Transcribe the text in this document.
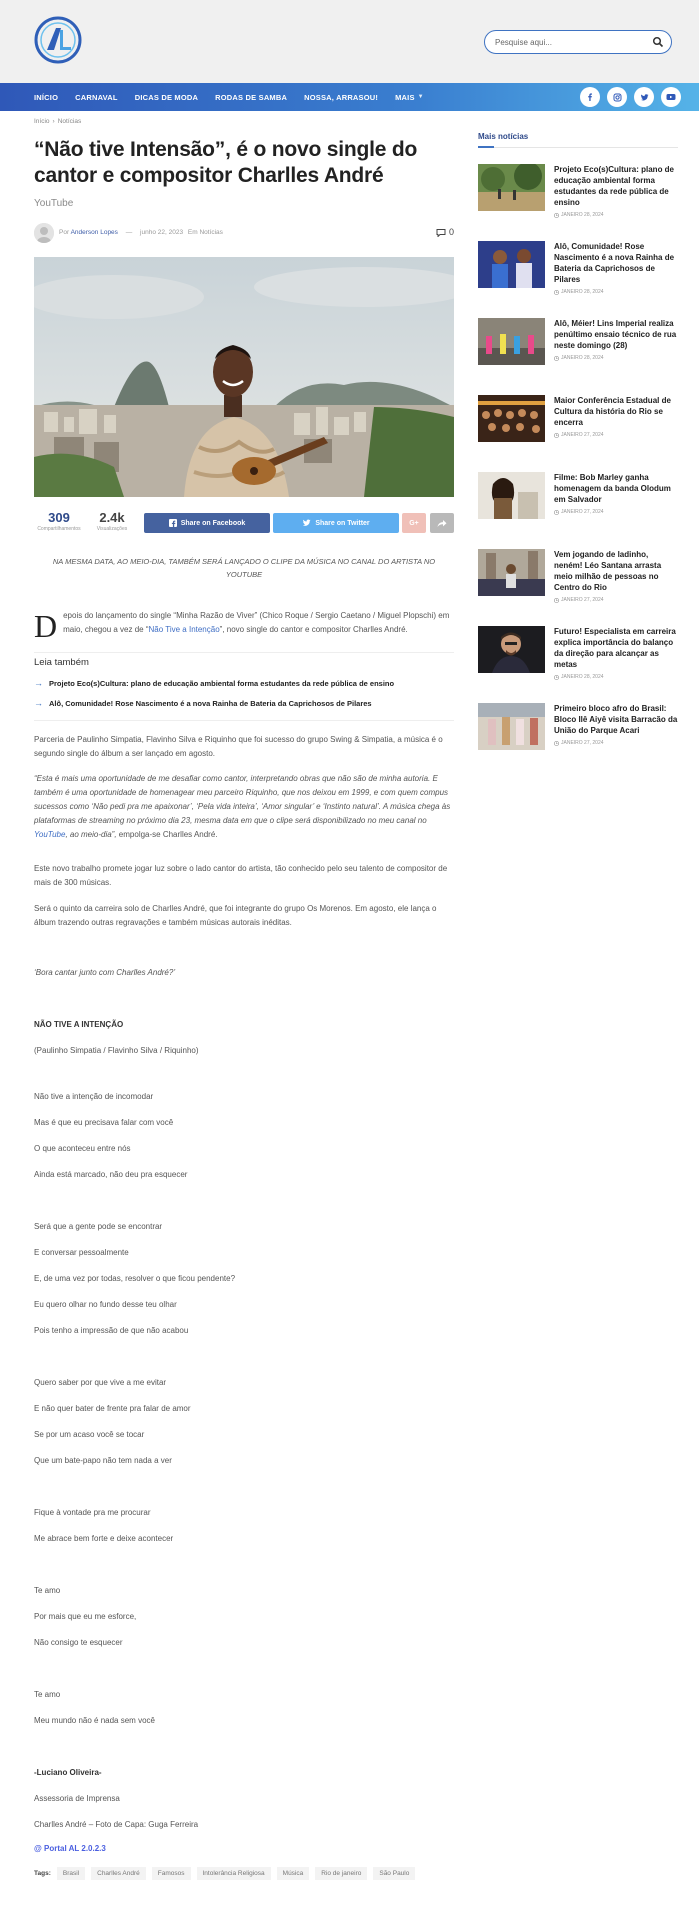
Pesquise aqui...
INÍCIO CARNAVAL DICAS DE MODA RODAS DE SAMBA NOSSA, ARRASOU! MAIS ▼
Início › Notícias
“Não tive Intensão”, é o novo single do cantor e compositor Charlles André
YouTube
Por Anderson Lopes — junho 22, 2023 Em Notícias	0
309
Compartilhamentos
2.4k
Visualizações
Share on Facebook	Share on Twitter	G+
NA MESMA DATA, AO MEIO-DIA, TAMBÉM SERÁ LANÇADO O CLIPE DA MÚSICA NO CANAL DO ARTISTA NO YOUTUBE
D epois do lançamento do single “Minha Razão de Viver” (Chico Roque / Sergio Caetano / Miguel Plopschi) em maio, chegou a vez de “Não Tive a Intenção”, novo single do cantor e compositor Charlles André.
Leia também
→ Projeto Eco(s)Cultura: plano de educação ambiental forma estudantes da rede pública de ensino
→ Alô, Comunidade! Rose Nascimento é a nova Rainha de Bateria da Caprichosos de Pilares

Parceria de Paulinho Simpatia, Flavinho Silva e Riquinho que foi sucesso do grupo Swing & Simpatia, a música é o segundo single do álbum a ser lançado em agosto.

“Esta é mais uma oportunidade de me desafiar como cantor, interpretando obras que não são de minha autoria. E também é uma oportunidade de homenagear meu parceiro Riquinho, que nos deixou em 1999, e com quem compus sucessos como ‘Não pedi pra me apaixonar’, ‘Pela vida inteira’, ‘Amor singular’ e ‘Instinto natural’. A música chega às plataformas de streaming no próximo dia 23, mesma data em que o clipe será disponibilizado no meu canal no YouTube, ao meio-dia”, empolga-se Charlles André.

Este novo trabalho promete jogar luz sobre o lado cantor do artista, tão conhecido pelo seu talento de compositor de mais de 300 músicas.

Será o quinto da carreira solo de Charlles André, que foi integrante do grupo Os Morenos. Em agosto, ele lança o álbum trazendo outras regravações e também músicas autorais inéditas.

‘Bora cantar junto com Charlles André?’

NÃO TIVE A INTENÇÃO

(Paulinho Simpatia / Flavinho Silva / Riquinho)

Não tive a intenção de incomodar

Mas é que eu precisava falar com você

O que aconteceu entre nós

Ainda está marcado, não deu pra esquecer

Será que a gente pode se encontrar

E conversar pessoalmente

E, de uma vez por todas, resolver o que ficou pendente?

Eu quero olhar no fundo desse teu olhar

Pois tenho a impressão de que não acabou

Quero saber por que vive a me evitar

E não quer bater de frente pra falar de amor

Se por um acaso você se tocar

Que um bate-papo não tem nada a ver

Fique à vontade pra me procurar

Me abrace bem forte e deixe acontecer

Te amo

Por mais que eu me esforce,

Não consigo te esquecer

Te amo

Meu mundo não é nada sem você

-Luciano Oliveira-

Assessoria de Imprensa

Charlles André – Foto de Capa: Guga Ferreira

@ Portal AL 2.0.2.3

Tags:	Brasil	Charlles André	Famosos	Intolerância Religiosa	Música	Rio de janeiro	São Paulo
Mais notícias
Projeto Eco(s)Cultura: plano de educação ambiental forma estudantes da rede pública de ensino
JANEIRO 28, 2024
Alô, Comunidade! Rose Nascimento é a nova Rainha de Bateria da Caprichosos de Pilares
JANEIRO 28, 2024
Alô, Méier! Lins Imperial realiza penúltimo ensaio técnico de rua neste domingo (28)
JANEIRO 28, 2024
Maior Conferência Estadual de Cultura da história do Rio se encerra
JANEIRO 27, 2024
Filme: Bob Marley ganha homenagem da banda Olodum em Salvador
JANEIRO 27, 2024
Vem jogando de ladinho, neném! Léo Santana arrasta meio milhão de pessoas no Centro do Rio
JANEIRO 27, 2024
Futuro! Especialista em carreira explica importância do balanço da direção para alcançar as metas
JANEIRO 28, 2024
Primeiro bloco afro do Brasil: Bloco Ilê Aiyê visita Barracão da União do Parque Acari
JANEIRO 27, 2024
